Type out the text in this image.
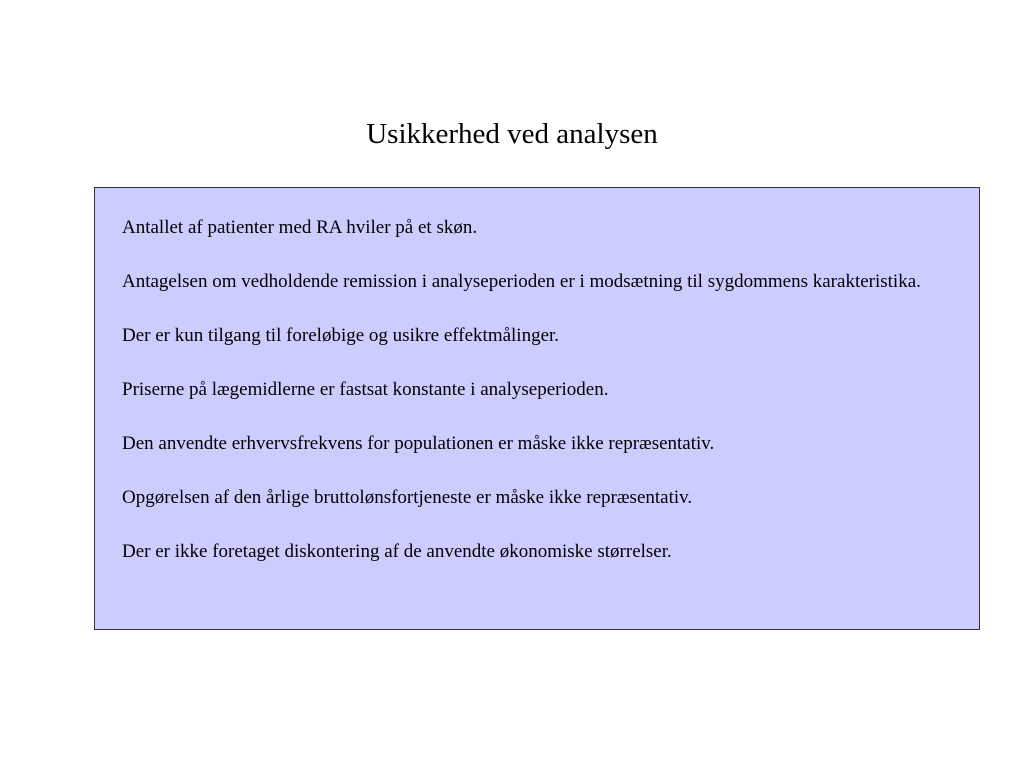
Usikkerhed ved analysen

Antallet af patienter med RA hviler på et skøn.

Antagelsen om vedholdende remission i analyseperioden er i modsætning til sygdommens karakteristika.

Der er kun tilgang til foreløbige og usikre effektmålinger.

Priserne på lægemidlerne er fastsat konstante i analyseperioden.

Den anvendte erhvervsfrekvens for populationen er måske ikke repræsentativ.

Opgørelsen af den årlige bruttolønsfortjeneste er måske ikke repræsentativ.

Der er ikke foretaget diskontering af de anvendte økonomiske størrelser.
